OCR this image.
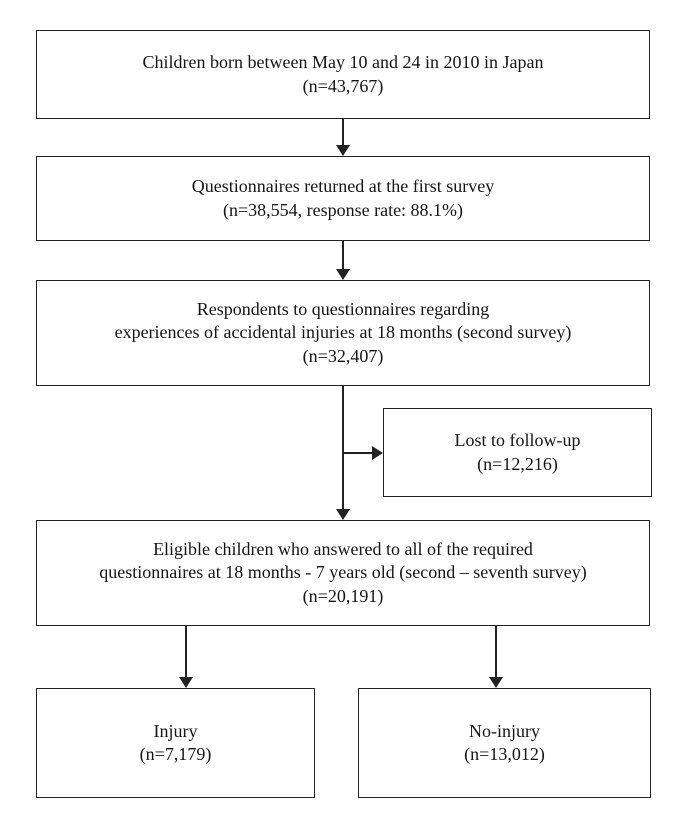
Children born between May 10 and 24 in 2010 in Japan
(n=43,767)
Questionnaires returned at the first survey
(n=38,554, response rate: 88.1%)
Respondents to questionnaires regarding
experiences of accidental injuries at 18 months (second survey)
(n=32,407)
Lost to follow-up
(n=12,216)
Eligible children who answered to all of the required
questionnaires at 18 months - 7 years old (second – seventh survey)
(n=20,191)
Injury
(n=7,179)
No-injury
(n=13,012)
